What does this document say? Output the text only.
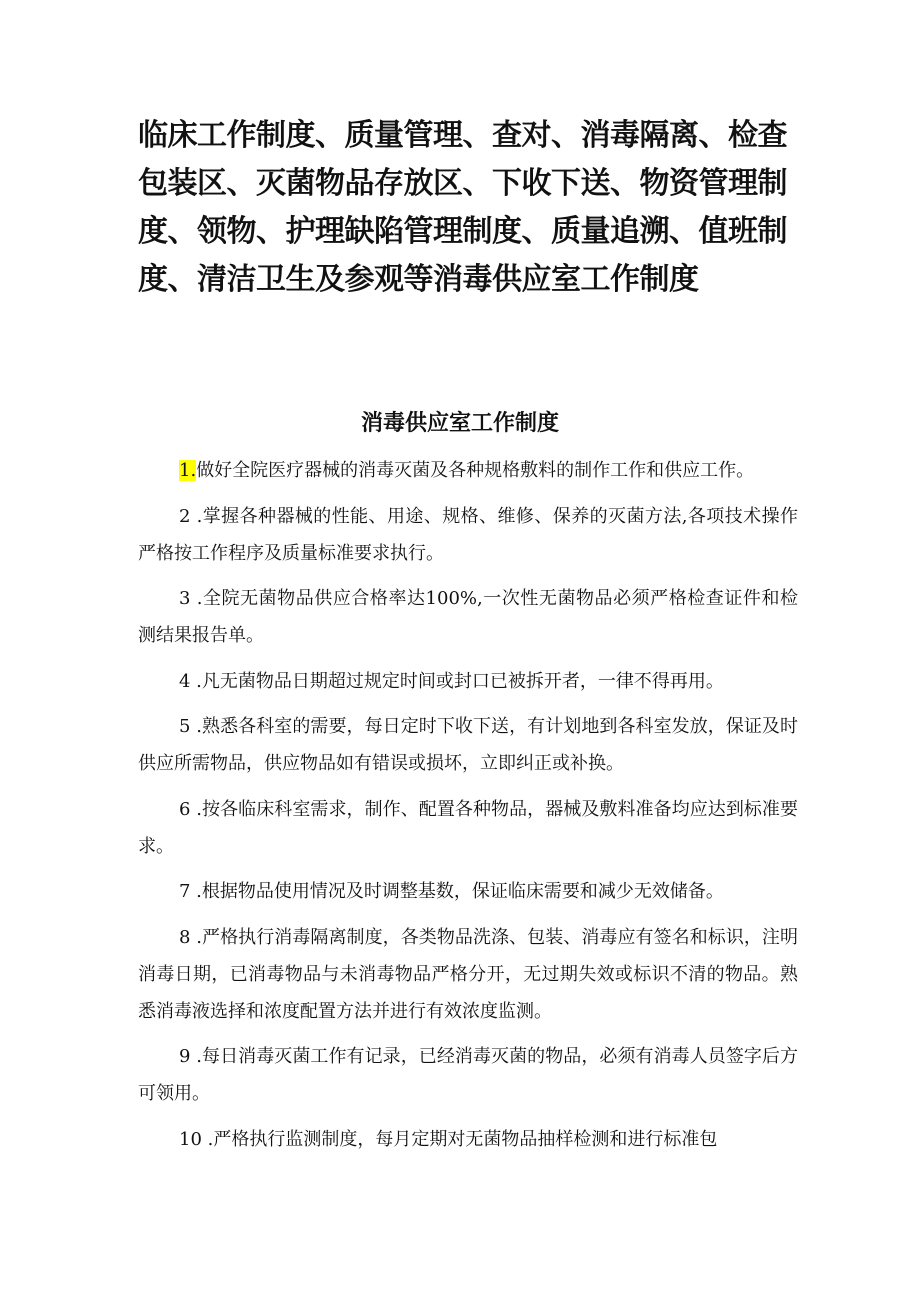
临床工作制度、质量管理、查对、消毒隔离、检查包装区、灭菌物品存放区、下收下送、物资管理制度、领物、护理缺陷管理制度、质量追溯、值班制度、清洁卫生及参观等消毒供应室工作制度
消毒供应室工作制度
1.做好全院医疗器械的消毒灭菌及各种规格敷料的制作工作和供应工作。
2 .掌握各种器械的性能、用途、规格、维修、保养的灭菌方法,各项技术操作严格按工作程序及质量标准要求执行。
3 .全院无菌物品供应合格率达100%,一次性无菌物品必须严格检查证件和检测结果报告单。
4 .凡无菌物品日期超过规定时间或封口已被拆开者，一律不得再用。
5 .熟悉各科室的需要，每日定时下收下送，有计划地到各科室发放，保证及时供应所需物品，供应物品如有错误或损坏，立即纠正或补换。
6 .按各临床科室需求，制作、配置各种物品，器械及敷料准备均应达到标准要求。
7 .根据物品使用情况及时调整基数，保证临床需要和减少无效储备。
8 .严格执行消毒隔离制度，各类物品洗涤、包装、消毒应有签名和标识，注明消毒日期，已消毒物品与未消毒物品严格分开，无过期失效或标识不清的物品。熟悉消毒液选择和浓度配置方法并进行有效浓度监测。
9 .每日消毒灭菌工作有记录，已经消毒灭菌的物品，必须有消毒人员签字后方可领用。
10 .严格执行监测制度，每月定期对无菌物品抽样检测和进行标准包
